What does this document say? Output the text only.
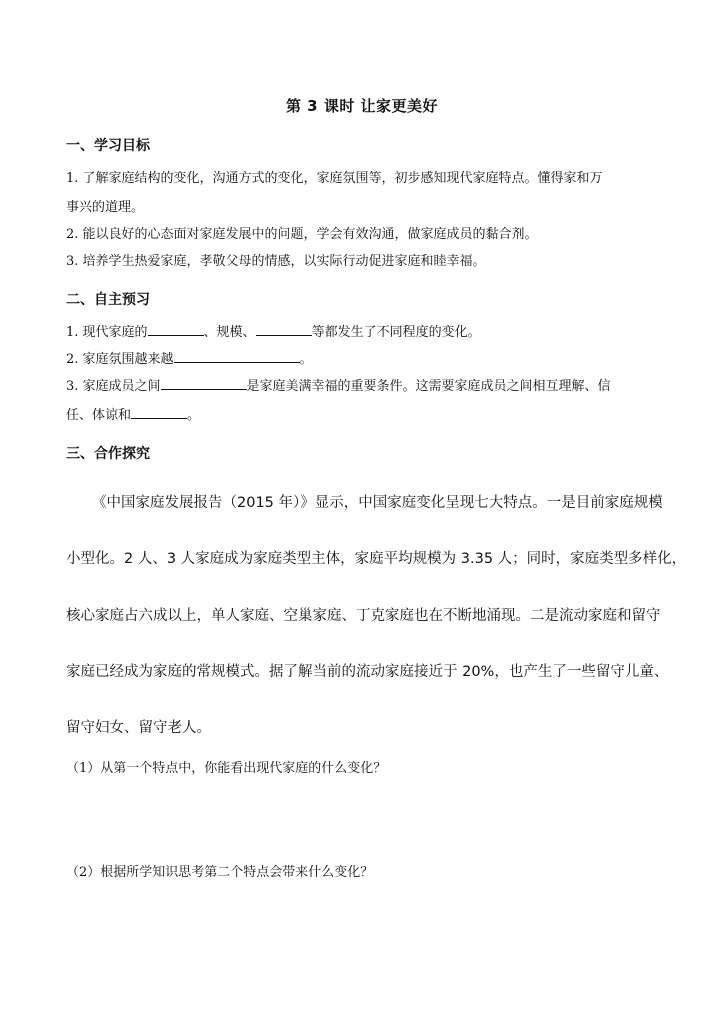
第 3 课时 让家更美好
一、学习目标
1. 了解家庭结构的变化，沟通方式的变化，家庭氛围等，初步感知现代家庭特点。懂得家和万
事兴的道理。
2. 能以良好的心态面对家庭发展中的问题，学会有效沟通，做家庭成员的黏合剂。
3. 培养学生热爱家庭，孝敬父母的情感，以实际行动促进家庭和睦幸福。
二、自主预习
1. 现代家庭的	、规模、	等都发生了不同程度的变化。
2. 家庭氛围越来越	。
3. 家庭成员之间	是家庭美满幸福的重要条件。这需要家庭成员之间相互理解、信
任、体谅和	。
三、合作探究
《中国家庭发展报告（2015 年）》显示，中国家庭变化呈现七大特点。一是目前家庭规模
小型化。2 人、3 人家庭成为家庭类型主体，家庭平均规模为 3.35 人；同时，家庭类型多样化，
核心家庭占六成以上，单人家庭、空巢家庭、丁克家庭也在不断地涌现。二是流动家庭和留守
家庭已经成为家庭的常规模式。据了解当前的流动家庭接近于 20%，也产生了一些留守儿童、
留守妇女、留守老人。
（1）从第一个特点中，你能看出现代家庭的什么变化？
（2）根据所学知识思考第二个特点会带来什么变化？
